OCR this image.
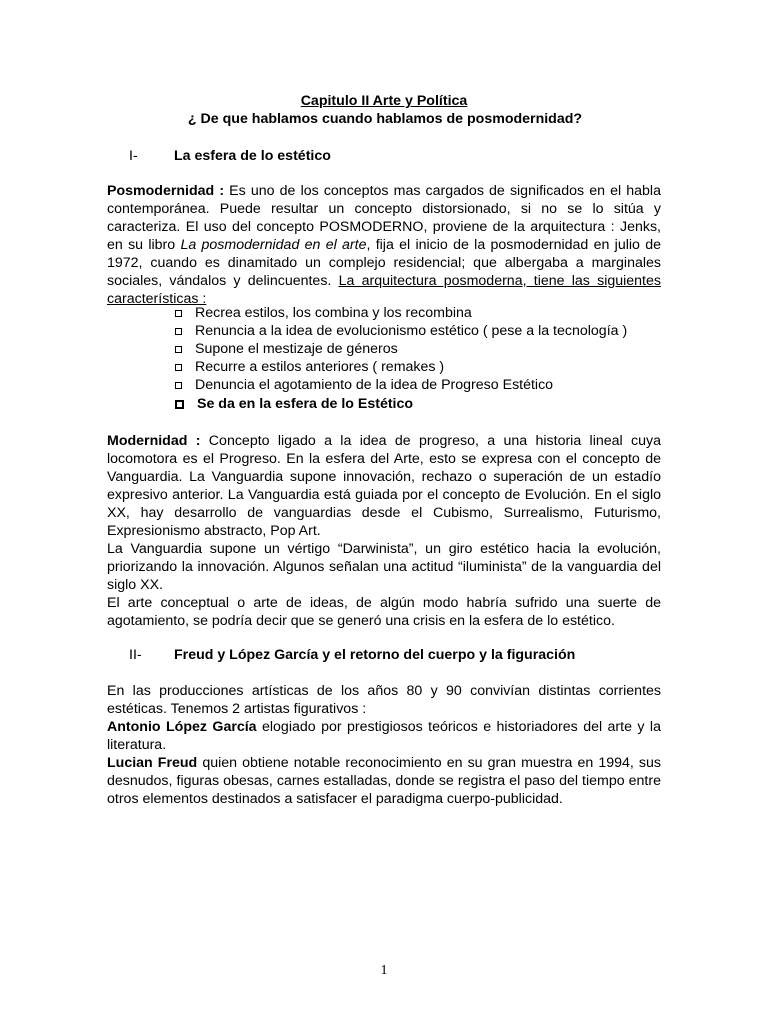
Capitulo II Arte y Política
¿ De que hablamos cuando hablamos de posmodernidad?
I-	La esfera de lo estético

Posmodernidad : Es uno de los conceptos mas cargados de significados en el habla contemporánea. Puede resultar un concepto distorsionado, si no se lo sitúa y caracteriza. El uso del concepto POSMODERNO, proviene de la arquitectura : Jenks, en su libro La posmodernidad en el arte, fija el inicio de la posmodernidad en julio de 1972, cuando es dinamitado un complejo residencial; que albergaba a marginales sociales, vándalos y delincuentes. La arquitectura posmoderna, tiene las siguientes características :

Recrea estilos, los combina y los recombina
Renuncia a la idea de evolucionismo estético ( pese a la tecnología )
Supone el mestizaje de géneros
Recurre a estilos anteriores ( remakes )
Denuncia el agotamiento de la idea de Progreso Estético
Se da en la esfera de lo Estético

Modernidad : Concepto ligado a la idea de progreso, a una historia lineal cuya locomotora es el Progreso. En la esfera del Arte, esto se expresa con el concepto de Vanguardia. La Vanguardia supone innovación, rechazo o superación de un estadío expresivo anterior. La Vanguardia está guiada por el concepto de Evolución. En el siglo XX, hay desarrollo de vanguardias desde el Cubismo, Surrealismo, Futurismo, Expresionismo abstracto, Pop Art.

La Vanguardia supone un vértigo “Darwinista”, un giro estético hacia la evolución, priorizando la innovación. Algunos señalan una actitud “iluminista” de la vanguardia del siglo XX.

El arte conceptual o arte de ideas, de algún modo habría sufrido una suerte de agotamiento, se podría decir que se generó una crisis en la esfera de lo estético.

II- Freud y López García y el retorno del cuerpo y la figuración

En las producciones artísticas de los años 80 y 90 convivían distintas corrientes estéticas. Tenemos 2 artistas figurativos :

Antonio López García elogiado por prestigiosos teóricos e historiadores del arte y la literatura.

Lucian Freud quien obtiene notable reconocimiento en su gran muestra en 1994, sus desnudos, figuras obesas, carnes estalladas, donde se registra el paso del tiempo entre otros elementos destinados a satisfacer el paradigma cuerpo-publicidad.

1
